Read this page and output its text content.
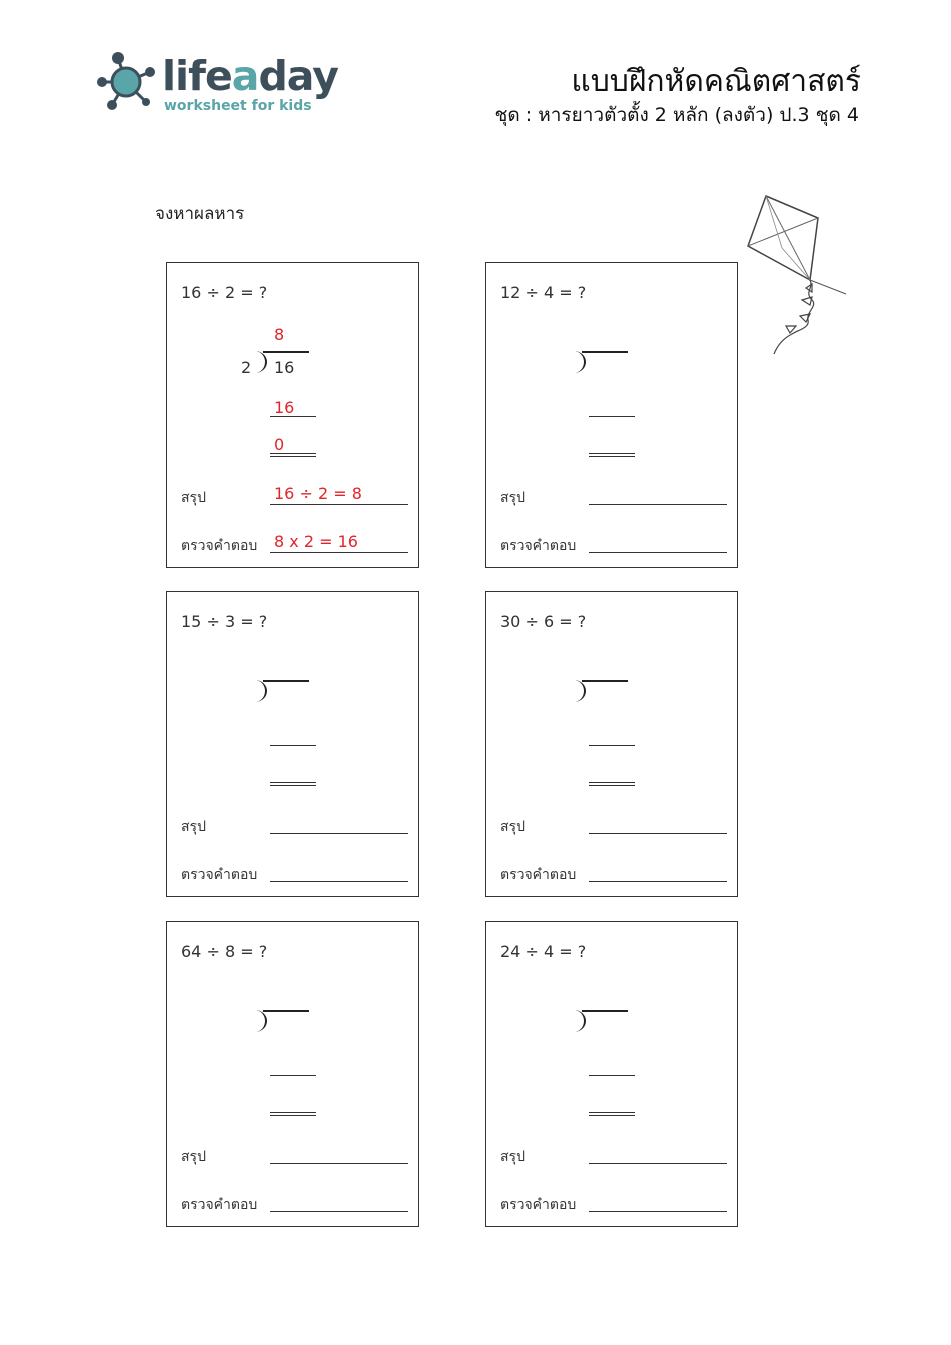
lifeaday
worksheet for kids
แบบฝึกหัดคณิตศาสตร์
ชุด : หารยาวตัวตั้ง 2 หลัก (ลงตัว) ป.3 ชุด 4
จงหาผลหาร
16 ÷ 2 = ?
8
2 16
16
0
สรุป	16 ÷ 2 = 8
ตรวจคำตอบ 8 x 2 = 16
12 ÷ 4 = ?
สรุป
ตรวจคำตอบ
15 ÷ 3 = ?
สรุป
ตรวจคำตอบ
30 ÷ 6 = ?
สรุป
ตรวจคำตอบ
64 ÷ 8 = ?
สรุป
ตรวจคำตอบ
24 ÷ 4 = ?
สรุป
ตรวจคำตอบ
